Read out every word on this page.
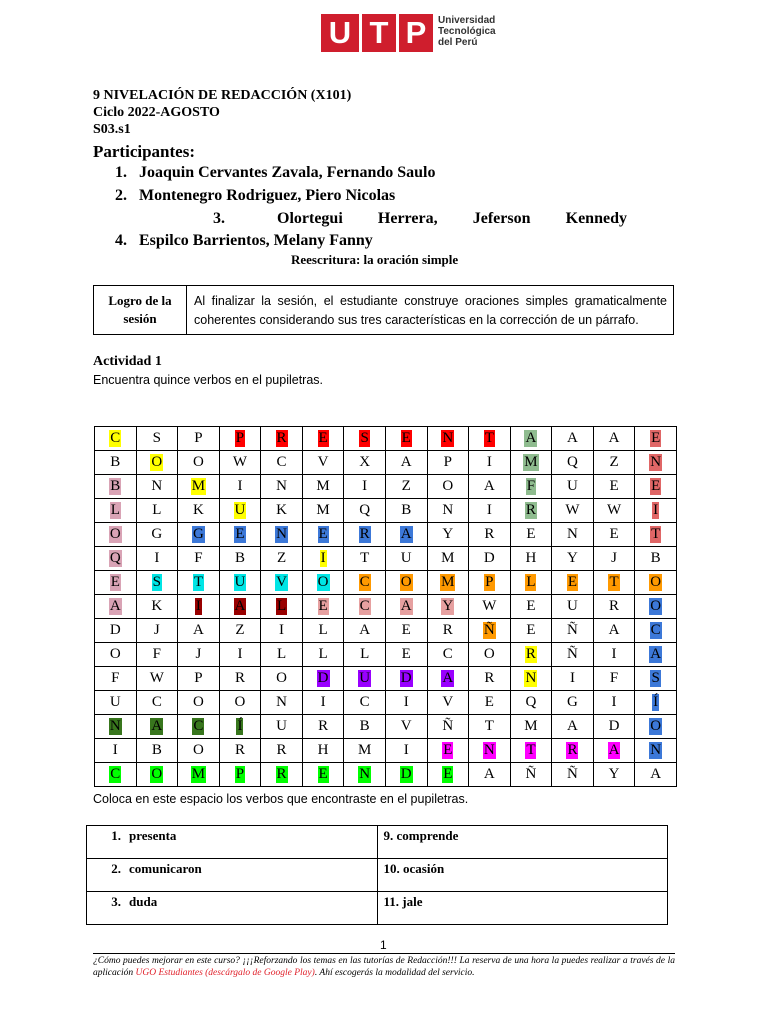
U T P Universidad
Tecnológica
del Perú
9 NIVELACIÓN DE REDACCIÓN (X101)
Ciclo 2022-AGOSTO
S03.s1
Participantes:
1. Joaquin Cervantes Zavala, Fernando Saulo
2. Montenegro Rodriguez, Piero Nicolas
3.	Olortegui Herrera, Jeferson Kennedy
4. Espilco Barrientos, Melany Fanny
Reescritura: la oración simple
Logro de la sesión
Al finalizar la sesión, el estudiante construye oraciones simples gramaticalmente coherentes considerando sus tres características en la corrección de un párrafo.
Actividad 1
Encuentra quince verbos en el pupiletras.
C	S	P	P	R	E	S	E	N	T	A	A	A	E
B	O	O	W	C	V	X	A	P	I	M	Q	Z	N
B	N	M	I	N	M	I	Z	O	A	F	U	E	E
L	L	K	U	K	M	Q	B	N	I	R	W	W	I
O	G	G	E	N	E	R	A	Y	R	E	N	E	T
Q	I	F	B	Z	I	T	U	M	D	H	Y	J	B
E	S	T	U	V	O	C	O	M	P	L	E	T	O
A	K	I	A	L	E	C	A	Y	W	E	U	R	O
D	J	A	Z	I	L	A	E	R	Ñ	E	Ñ	A	C
O	F	J	I	L	L	L	E	C	O	R	Ñ	I	A
F	W	P	R	O	D	U	D	A	R	N	I	F	S
U	C	O	O	N	I	C	I	V	E	Q	G	I	Í
N	A	C	Í	U	R	B	V	Ñ	T	M	A	D	O
I	B	O	R	R	H	M	I	E	N	T	R	A	N
C	O	M	P	R	E	N	D	E	A	Ñ	Ñ	Y	A
Coloca en este espacio los verbos que encontraste en el pupiletras.
1. presenta	9. comprende
2. comunicaron	10. ocasión
3. duda	11. jale
1
¿Cómo puedes mejorar en este curso? ¡¡¡Reforzando los temas en las tutorías de Redacción!!! La reserva de una hora la puedes realizar a través de la aplicación UGO Estudiantes (descárgalo de Google Play). Ahí escogerás la modalidad del servicio.
